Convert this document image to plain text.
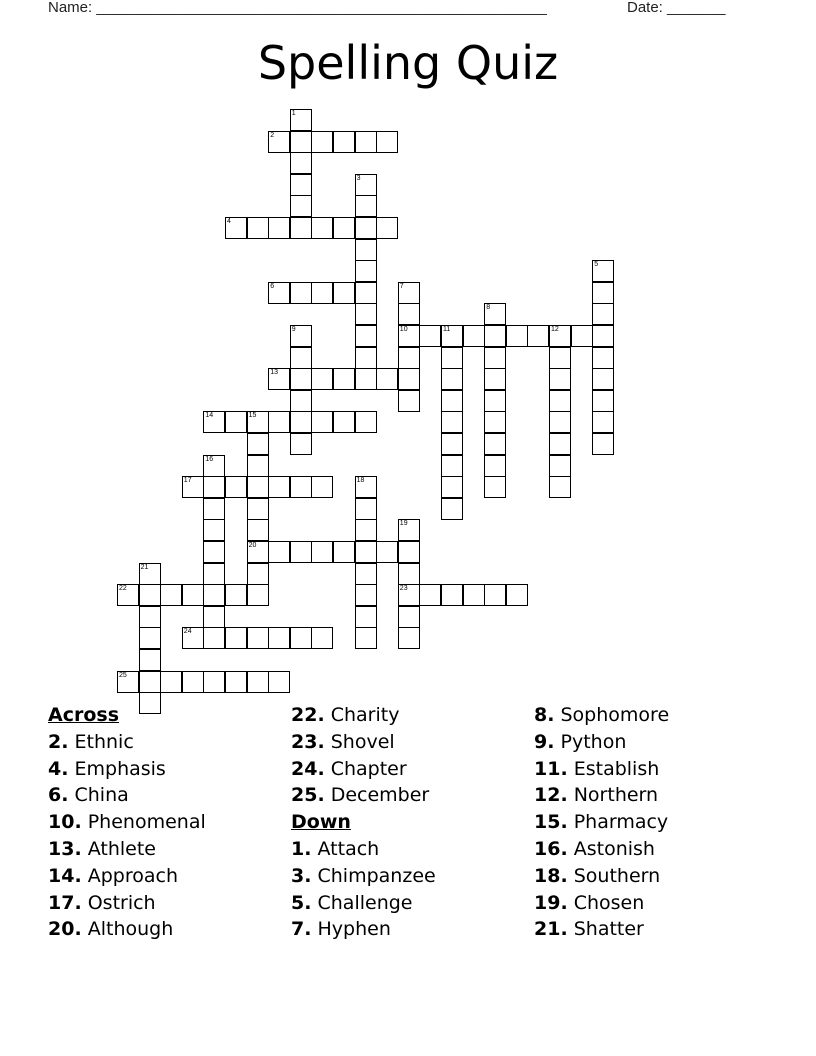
Name: ______________________________________________________	Date: _______
Spelling Quiz
1
2
3
4
5
6	7
10
8
9	11	12
13
14	15
20
16
17	18
19
23
21
22
24
25
Across
2. Ethnic
4. Emphasis
6. China
10. Phenomenal
13. Athlete
14. Approach
17. Ostrich
20. Although
22. Charity
23. Shovel
24. Chapter
25. December
Down
1. Attach
3. Chimpanzee
5. Challenge
7. Hyphen
8. Sophomore
9. Python
11. Establish
12. Northern
15. Pharmacy
16. Astonish
18. Southern
19. Chosen
21. Shatter
